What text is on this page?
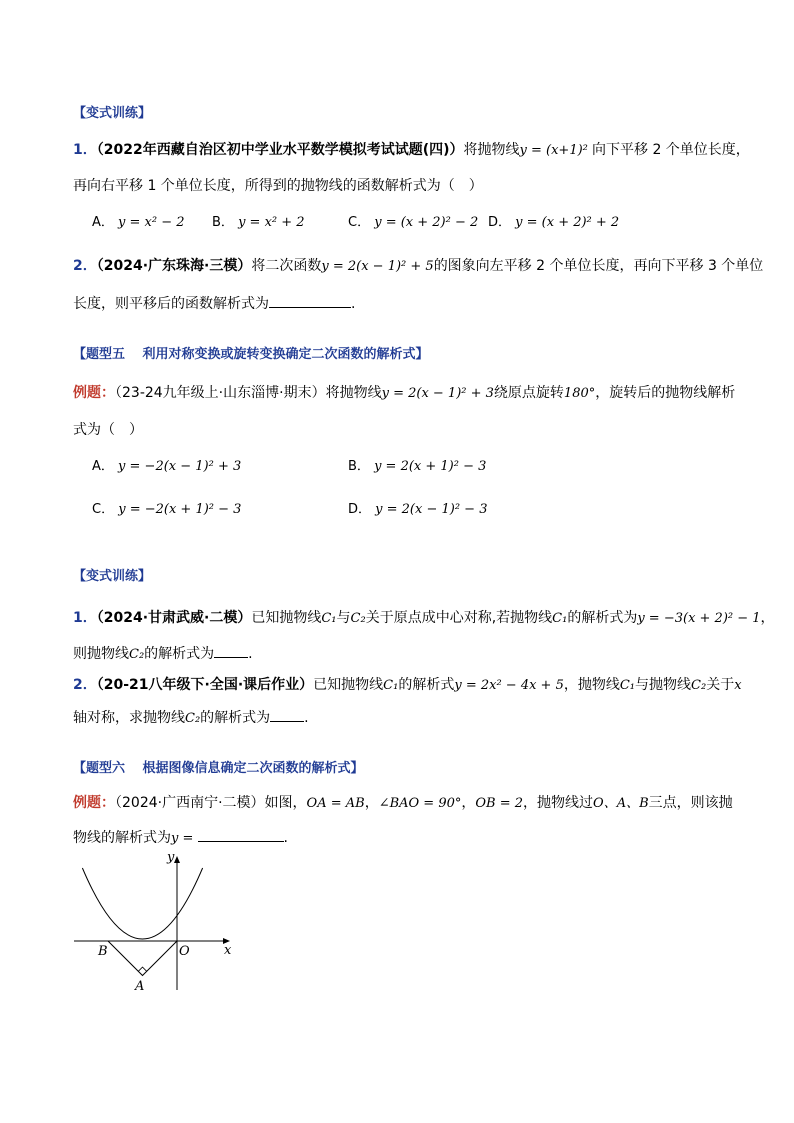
【变式训练】
1．（2022年西藏自治区初中学业水平数学模拟考试试题(四)）将抛物线y = (x+1)² 向下平移 2 个单位长度，
再向右平移 1 个单位长度，所得到的抛物线的函数解析式为（　）
A． y = x² − 2 B． y = x² + 2	C． y = (x + 2)² − 2 D． y = (x + 2)² + 2
2．（2024·广东珠海·三模）将二次函数y = 2(x − 1)² + 5的图象向左平移 2 个单位长度，再向下平移 3 个单位
长度，则平移后的函数解析式为	.
【题型五　 利用对称变换或旋转变换确定二次函数的解析式】
例题：（23-24九年级上·山东淄博·期末）将抛物线y = 2(x − 1)² + 3绕原点旋转180°，旋转后的抛物线解析
式为（　）
A． y = −2(x − 1)² + 3	B． y = 2(x + 1)² − 3
C． y = −2(x + 1)² − 3	D． y = 2(x − 1)² − 3
【变式训练】
1．（2024·甘肃武威·二模）已知抛物线C₁与C₂关于原点成中心对称,若抛物线C₁的解析式为y = −3(x + 2)² − 1，
则抛物线C₂的解析式为 .
2．（20-21八年级下·全国·课后作业）已知抛物线C₁的解析式y = 2x² − 4x + 5，抛物线C₁与抛物线C₂关于x
轴对称，求抛物线C₂的解析式为 .
【题型六　 根据图像信息确定二次函数的解析式】
例题：（2024·广西南宁·二模）如图，OA = AB，∠BAO = 90°，OB = 2，抛物线过O、A、B三点，则该抛
物线的解析式为y =	.
y
x
B	O
A
